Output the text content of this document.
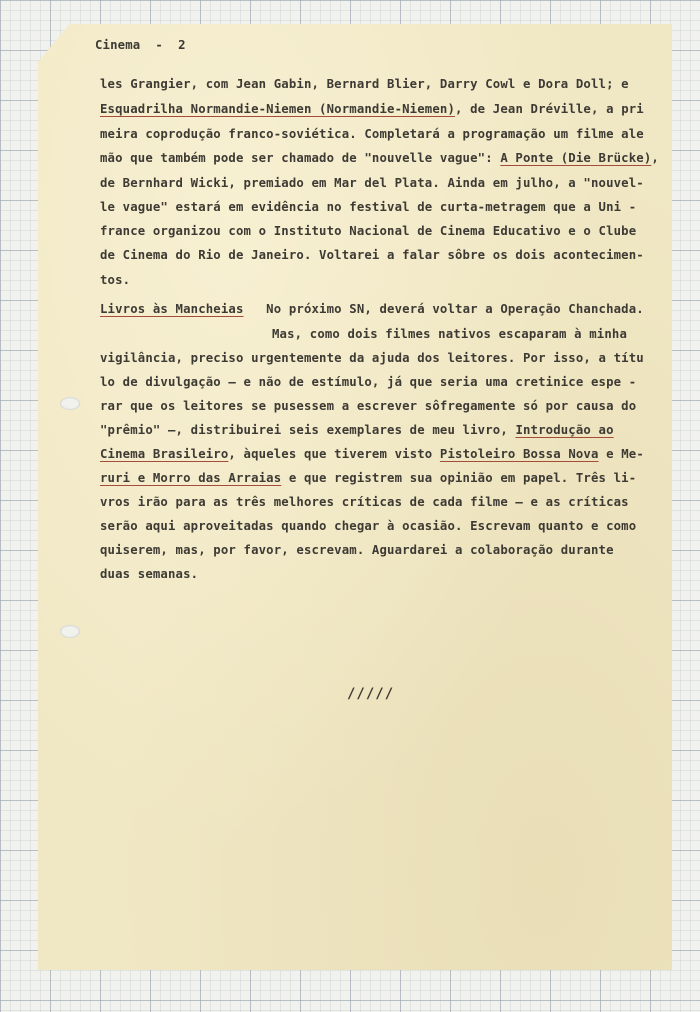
Cinema  -  2
les Grangier, com Jean Gabin, Bernard Blier, Darry Cowl e Dora Doll; e
Esquadrilha Normandie-Niemen (Normandie-Niemen), de Jean Dréville, a pri
meira coprodução franco-soviética. Completará a programação um filme ale
mão que também pode ser chamado de "nouvelle vague": A Ponte (Die Brücke),
de Bernhard Wicki, premiado em Mar del Plata. Ainda em julho, a "nouvel-
le vague" estará em evidência no festival de curta-metragem que a Uni -
france organizou com o Instituto Nacional de Cinema Educativo e o Clube
de Cinema do Rio de Janeiro. Voltarei a falar sôbre os dois acontecimen-
tos.
Livros às Mancheias   No próximo SN, deverá voltar a Operação Chanchada.
Mas, como dois filmes nativos escaparam à minha
vigilância, preciso urgentemente da ajuda dos leitores. Por isso, a títu
lo de divulgação — e não de estímulo, já que seria uma cretinice espe -
rar que os leitores se pusessem a escrever sôfregamente só por causa do
"prêmio" —, distribuirei seis exemplares de meu livro, Introdução ao
Cinema Brasileiro, àqueles que tiverem visto Pistoleiro Bossa Nova e Me-
ruri e Morro das Arraias e que registrem sua opinião em papel. Três li-
vros irão para as três melhores críticas de cada filme — e as críticas
serão aqui aproveitadas quando chegar à ocasião. Escrevam quanto e como
quiserem, mas, por favor, escrevam. Aguardarei a colaboração durante
duas semanas.
/////
